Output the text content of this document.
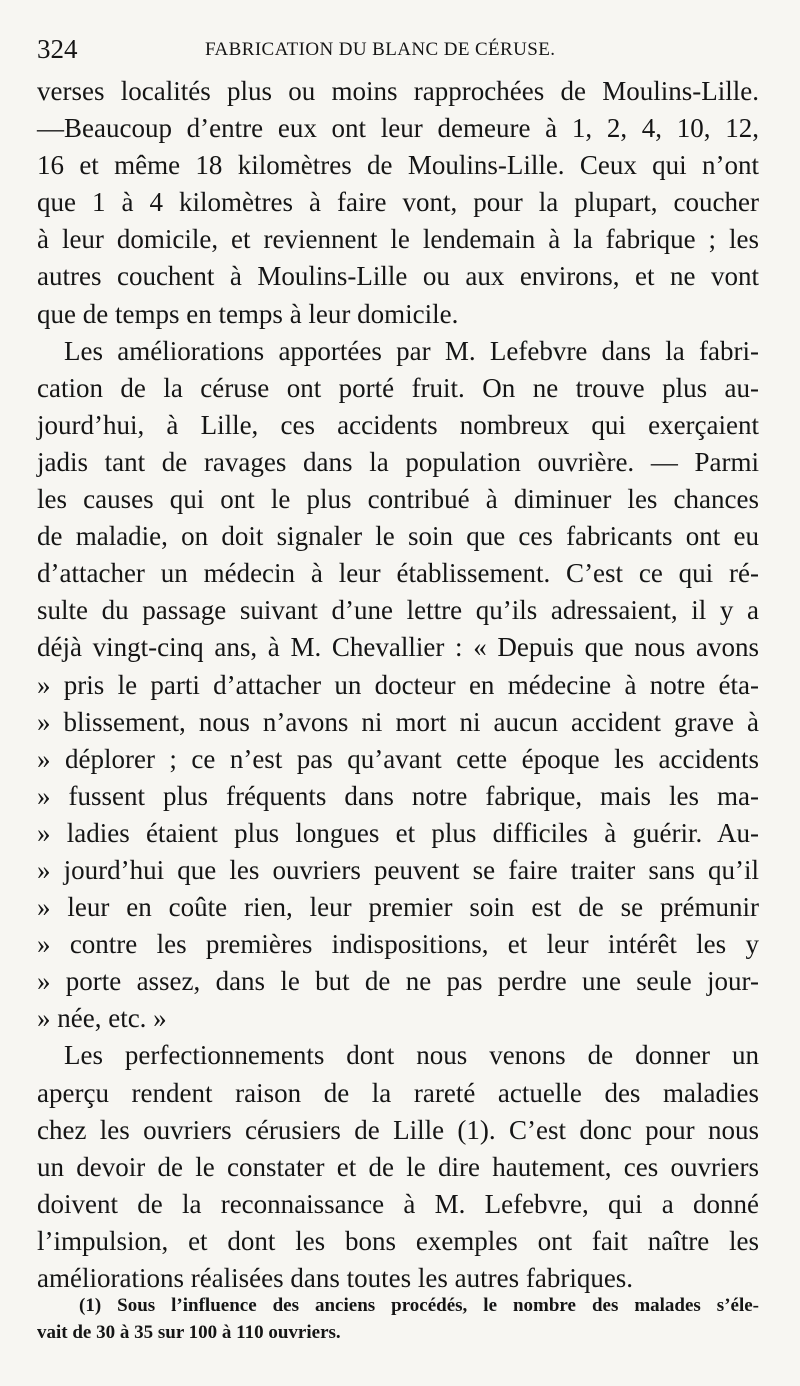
324	FABRICATION DU BLANC DE CÉRUSE.
verses localités plus ou moins rapprochées de Moulins-Lille.
—Beaucoup d’entre eux ont leur demeure à 1, 2, 4, 10, 12,
16 et même 18 kilomètres de Moulins-Lille. Ceux qui n’ont
que 1 à 4 kilomètres à faire vont, pour la plupart, coucher
à leur domicile, et reviennent le lendemain à la fabrique ; les
autres couchent à Moulins-Lille ou aux environs, et ne vont
que de temps en temps à leur domicile.
Les améliorations apportées par M. Lefebvre dans la fabri-
cation de la céruse ont porté fruit. On ne trouve plus au-
jourd’hui, à Lille, ces accidents nombreux qui exerçaient
jadis tant de ravages dans la population ouvrière. — Parmi
les causes qui ont le plus contribué à diminuer les chances
de maladie, on doit signaler le soin que ces fabricants ont eu
d’attacher un médecin à leur établissement. C’est ce qui ré-
sulte du passage suivant d’une lettre qu’ils adressaient, il y a
déjà vingt-cinq ans, à M. Chevallier : « Depuis que nous avons
» pris le parti d’attacher un docteur en médecine à notre éta-
» blissement, nous n’avons ni mort ni aucun accident grave à
» déplorer ; ce n’est pas qu’avant cette époque les accidents
» fussent plus fréquents dans notre fabrique, mais les ma-
» ladies étaient plus longues et plus difficiles à guérir. Au-
» jourd’hui que les ouvriers peuvent se faire traiter sans qu’il
» leur en coûte rien, leur premier soin est de se prémunir
» contre les premières indispositions, et leur intérêt les y
» porte assez, dans le but de ne pas perdre une seule jour-
» née, etc. »
Les perfectionnements dont nous venons de donner un
aperçu rendent raison de la rareté actuelle des maladies
chez les ouvriers cérusiers de Lille (1). C’est donc pour nous
un devoir de le constater et de le dire hautement, ces ouvriers
doivent de la reconnaissance à M. Lefebvre, qui a donné
l’impulsion, et dont les bons exemples ont fait naître les
améliorations réalisées dans toutes les autres fabriques.
(1) Sous l’influence des anciens procédés, le nombre des malades s’éle-
vait de 30 à 35 sur 100 à 110 ouvriers.
